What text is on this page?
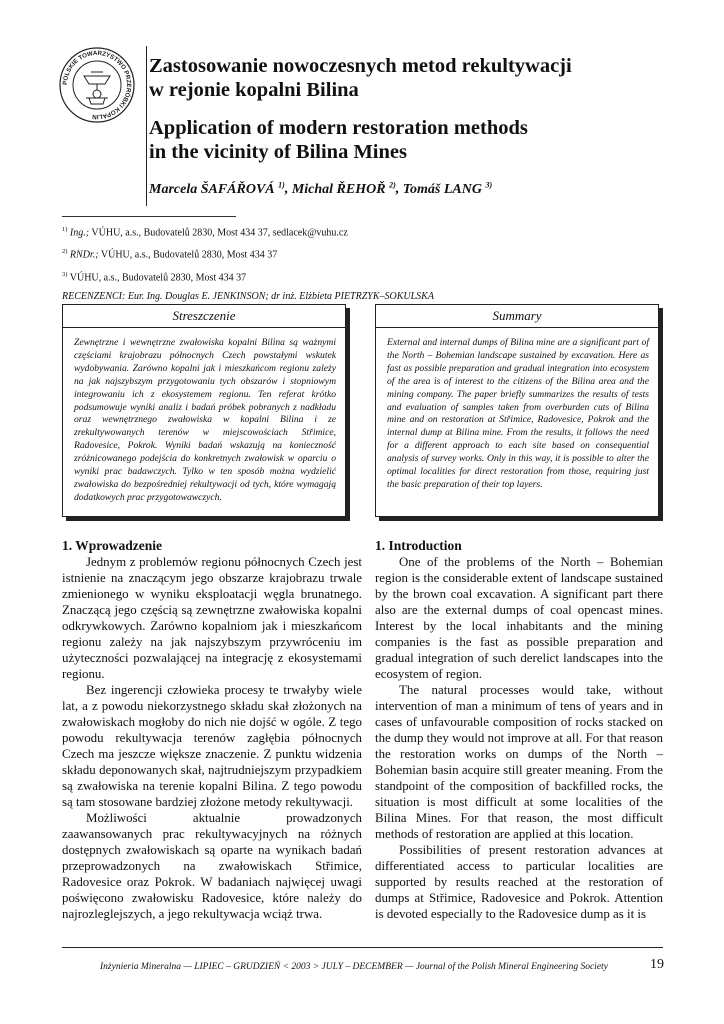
POLSKIE TOWARZYSTWO PRZERÓBKI KOPALIN
Zastosowanie nowoczesnych metod rekultywacji
w rejonie kopalni Bilina
Application of modern restoration methods
in the vicinity of Bilina Mines
Marcela ŠAFÁŘOVÁ $^{1)}$, Michal ŘEHOŘ $^{2)}$, Tomáš LANG $^{3)}$
$^{1)}$ Ing.; VÚHU, a.s., Budovatelů 2830, Most 434 37, sedlacek@vuhu.cz
$^{2)}$ RNDr.; VÚHU, a.s., Budovatelů 2830, Most 434 37
$^{3)}$ VÚHU, a.s., Budovatelů 2830, Most 434 37
RECENZENCI: Eur. Ing. Douglas E. JENKINSON; dr inż. Elżbieta PIETRZYK–SOKULSKA
Streszczenie

Zewnętrzne i wewnętrzne zwałowiska kopalni Bilina są ważnymi częściami krajobrazu północnych Czech powstałymi wskutek wydobywania. Zarówno kopalni jak i mieszkańcom regionu zależy na jak najszybszym przygotowaniu tych obszarów i stopniowym integrowaniu ich z ekosystemem regionu. Ten referat krótko podsumowuje wyniki analiz i badań próbek pobranych z nadkładu oraz wewnętrznego zwałowiska w kopalni Bilina i ze zrekultywowanych terenów w miejscowościach Střimice, Radovesice, Pokrok. Wyniki badań wskazują na konieczność zróżnicowanego podejścia do konkretnych zwałowisk w oparciu o wyniki prac badawczych. Tylko w ten sposób można wydzielić zwałowiska do bezpośredniej rekultywacji od tych, które wymagają dodatkowych prac przygotowawczych.

Summary

External and internal dumps of Bilina mine are a significant part of the North – Bohemian landscape sustained by excavation. Here as fast as possible preparation and gradual integration into ecosystem of the area is of interest to the citizens of the Bilina area and the mining company. The paper briefly summarizes the results of tests and evaluation of samples taken from overburden cuts of Bilina mine and on restoration at Střimice, Radovesice, Pokrok and the internal dump at Bilina mine. From the results, it follows the need for a different approach to each site based on consequential analysis of survey works. Only in this way, it is possible to alter the optimal localities for direct restoration from those, requiring just the basic preparation of their top layers.

1. Wprowadzenie

Jednym z problemów regionu północnych Czech jest istnienie na znaczącym jego obszarze krajobrazu trwale zmienionego w wyniku eksploatacji węgla brunatnego. Znaczącą jego częścią są zewnętrzne zwałowiska kopalni odkrywkowych. Zarówno kopalniom jak i mieszkańcom regionu zależy na jak najszybszym przywróceniu im użyteczności pozwalającej na integrację z ekosystemami regionu.

Bez ingerencji człowieka procesy te trwałyby wiele lat, a z powodu niekorzystnego składu skał złożonych na zwałowiskach mogłoby do nich nie dojść w ogóle. Z tego powodu rekultywacja terenów zagłębia północnych Czech ma jeszcze większe znaczenie. Z punktu widzenia składu deponowanych skał, najtrudniejszym przypadkiem są zwałowiska na terenie kopalni Bilina. Z tego powodu są tam stosowane bardziej złożone metody rekultywacji.

Możliwości aktualnie prowadzonych zaawansowanych prac rekultywacyjnych na różnych dostępnych zwałowiskach są oparte na wynikach badań przeprowadzonych na zwałowiskach Střimice, Radovesice oraz Pokrok. W badaniach najwięcej uwagi poświęcono zwałowisku Radovesice, które należy do najrozleglejszych, a jego rekultywacja wciąż trwa.

1. Introduction

One of the problems of the North – Bohemian region is the considerable extent of landscape sustained by the brown coal excavation. A significant part there also are the external dumps of coal opencast mines. Interest by the local inhabitants and the mining companies is the fast as possible preparation and gradual integration of such derelict landscapes into the ecosystem of region.

The natural processes would take, without intervention of man a minimum of tens of years and in cases of unfavourable composition of rocks stacked on the dump they would not improve at all. For that reason the restoration works on dumps of the North – Bohemian basin acquire still greater meaning. From the standpoint of the composition of backfilled rocks, the situation is most difficult at some localities of the Bilina Mines. For that reason, the most difficult methods of restoration are applied at this location.

Possibilities of present restoration advances at differentiated access to particular localities are supported by results reached at the restoration of dumps at Střimice, Radovesice and Pokrok. Attention is devoted especially to the Radovesice dump as it is

Inżynieria Mineralna — LIPIEC – GRUDZIEŃ < 2003 > JULY – DECEMBER — Journal of the Polish Mineral Engineering Society	19
